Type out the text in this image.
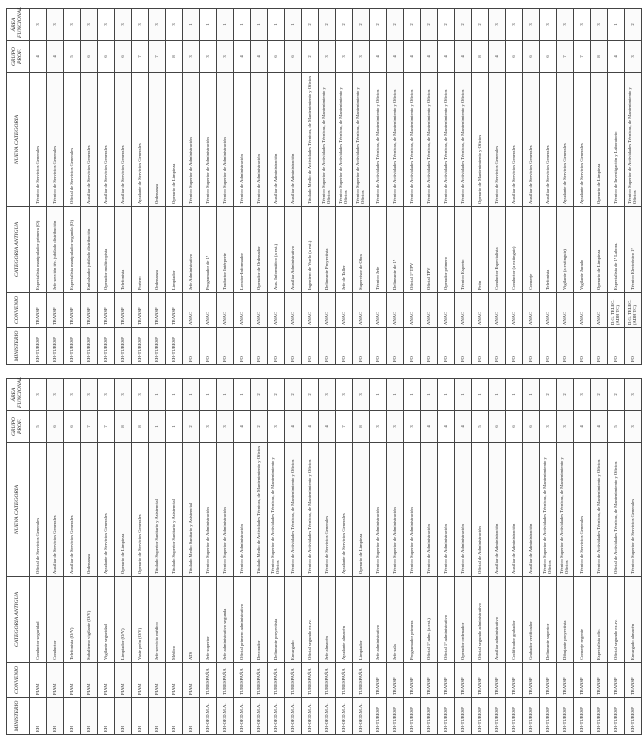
MINISTERIO	CONVENIO	CATEGORIA ANTIGUA	NUEVA CATEGORIA	GRUPO PROF.	ÁREA FUNCIONAL
EH	PIAM	Conductor seguridad	Oficial de Servicios Generales	5	3
EH	PIAM	Conductor	Auxiliar de Servicios Generales	6	3
EH	PIAM	Telefonista (O/V)	Auxiliar de Servicios Generales	6	3
EH	PIAM	Subalterno vigilante (O/V)	Ordenanza	7	3
EH	PIAM	Vigilante seguridad	Ayudante de Servicios Generales	7	3
EH	PIAM	Limpiador (O/V)	Operario de Limpieza	8	3
EH	PIAM	Vaste peón (O/V)	Operario de Servicios Generales	8	3
EH	PIAM	Jefe servicio médico	Titulado Superior Sanitario y Asistencial	1	1
EH	PIAM	Médico	Titulado Superior Sanitario y Asistencial	1	1
EH	PIAM	ATS	Titulado Medio Sanitario y Asistencial	2	1
EH-OF.D.M.A.	TURESPAÑA	Jefe superior	Técnico Superior de Administración	3	1
EH-OF.D.M.A.	TURESPAÑA	Jefe administrativo segunda	Técnico Superior de Administración	3	1
EH-OF.D.M.A.	TURESPAÑA	Oficial primero administrativo	Técnico de Administración	4	1
EH-OF.D.M.A.	TURESPAÑA	Decorador	Titulado Medio de Actividades Técnicas, de Mantenimiento y Oficios	2	2
EH-OF.D.M.A.	TURESPAÑA	Delineante proyectista	Técnico Superior de Actividades Técnicas, de Mantenimiento y Oficios	3	2
EH-OF.D.M.A.	TURESPAÑA	Encargado	Técnico de Actividades Técnicas, de Mantenimiento y Oficios	4	2
EH-OF.D.M.A.	TURESPAÑA	Oficial segundo ex.rv.	Técnico de Actividades Técnicas, de Mantenimiento y Oficios	4	2
EH-OF.D.M.A.	TURESPAÑA	Jefe almacén	Técnico de Servicios Generales	4	3
EH-OF.D.M.A.	TURESPAÑA	Ayudante almacén	Ayudante de Servicios Generales	7	3
EH-OF.D.M.A.	TURESPAÑA	Limpiador	Operario de Limpieza	8	3
EH-TURESP	TRANSP	Jefe administrativo	Técnico Superior de Administración	3	1
EH-TURESP	TRANSP	Jefe sala	Técnico Superior de Administración	3	1
EH-TURESP	TRANSP	Programador primera	Técnico Superior de Administración	3	1
EH-TURESP	TRANSP	Oficial 1ª adm. (a ext.)	Técnico de Administración	4	1
EH-TURESP	TRANSP	Oficial 1ª administrativo	Técnico de Administración	4	1
EH-TURESP	TRANSP	Operador ordenador	Técnico de Administración	4	1
EH-TURESP	TRANSP	Oficial segundo administrativo	Oficial de Administración	5	1
EH-TURESP	TRANSP	Auxiliar administrativo	Auxiliar de Administración	6	1
EH-TURESP	TRANSP	Codificador grabador	Auxiliar de Administración	6	1
EH-TURESP	TRANSP	Grabador verificador	Auxiliar de Administración	6	1
EH-TURESP	TRANSP	Delineante superior	Técnico Superior de Actividades Técnicas, de Mantenimiento y Oficios	3	2
EH-TURESP	TRANSP	Dibujante proyectista	Técnico Superior de Actividades Técnicas, de Mantenimiento y Oficios	3	2
EH-TURESP	TRANSP	Conserje regente	Técnico de Servicios Generales	4	3
EH-TURESP	TRANSP	Especialista ofic.	Técnico de Actividades Técnicas, de Mantenimiento y Oficios	4	2
EH-TURESP	TRANSP	Oficial segundo ex.rv.	Oficial de Actividades Técnicas, de Mantenimiento y Oficios	5	2
EH-TURESP	TRANSP	Encargado almacén	Técnico Superior de Servicios Generales	3	3
MINISTERIO	CONVENIO	CATEGORIA ANTIGUA	NUEVA CATEGORIA	GRUPO PROF.	ÁREA FUNCIONAL
EH-TURESP	TRANSP	Especialista manipulador primera (O)	Técnico de Servicios Generales	4	3
EH-TURESP	TRANSP	Jefe sección téc. jubilado distribución	Técnico de Servicios Generales	4	3
EH-TURESP	TRANSP	Especialista manipulador segunda (O)	Oficial de Servicios Generales	5	3
EH-TURESP	TRANSP	Embalsador jubilado distribución	Auxiliar de Servicios Generales	6	3
EH-TURESP	TRANSP	Operador multicopista	Auxiliar de Servicios Generales	6	3
EH-TURESP	TRANSP	Telefonista	Auxiliar de Servicios Generales	6	3
EH-TURESP	TRANSP	Portero	Ayudante de Servicios Generales	7	3
EH-TURESP	TRANSP	Ordenanza	Ordenanza	7	3
EH-TURESP	TRANSP	Limpiador	Operario de Limpieza	8	3
FO	ANAC	Jefe Administrativo	Técnico Superior de Administración	3	1
FO	ANAC	Programador de 1ª	Técnico Superior de Administración	3	1
FO	ANAC	Traductor Intérprete	Técnico Superior de Administración	3	1
FO	ANAC	Locutor-Informador	Técnico de Administración	4	1
FO	ANAC	Operador de Ordenador	Técnico de Administración	4	1
FO	ANAC	Aux. Informático (a ext.)	Auxiliar de Administración	6	1
FO	ANAC	Auxiliar Administrativo	Auxiliar de Administración	6	1
FO	ANAC	Ingeniero de Vuelo (a ext.)	Titulado Medio de Actividades Técnicas, de Mantenimiento y Oficios	2	2
FO	ANAC	Delineante Proyectista	Técnico Superior de Actividades Técnicas, de Mantenimiento y Oficios	3	2
FO	ANAC	Jefe de Taller	Técnico Superior de Actividades Técnicas, de Mantenimiento y Oficios	3	2
FO	ANAC	Supervisor de Obra	Técnico Superior de Actividades Técnicas, de Mantenimiento y Oficios	3	2
FO	ANAC	Técnico Jefe	Técnico de Actividades Técnicas, de Mantenimiento y Oficios	4	2
FO	ANAC	Delineante de 1ª	Técnico de Actividades Técnicas, de Mantenimiento y Oficios	4	2
FO	ANAC	Oficial 1ª TPV	Técnico de Actividades Técnicas, de Mantenimiento y Oficios	4	2
FO	ANAC	Oficial TPV	Técnico de Actividades Técnicas, de Mantenimiento y Oficios	4	2
FO	ANAC	Operador primero	Técnico de Actividades Técnicas, de Mantenimiento y Oficios	4	2
FO	ANAC	Técnico Experto	Técnico de Actividades Técnicas, de Mantenimiento y Oficios	4	2
FO	ANAC	Peón	Operario de Mantenimiento y Oficios	8	2
FO	ANAC	Conductor Especialista	Técnico de Servicios Generales	4	3
FO	ANAC	Conductor (a extinguir)	Auxiliar de Servicios Generales	6	3
FO	ANAC	Conserje	Auxiliar de Servicios Generales	6	3
FO	ANAC	Telefonista	Auxiliar de Servicios Generales	6	3
FO	ANAC	Vigilante (a extinguir)	Ayudante de Servicios Generales	7	3
FO	ANAC	Vigilante Jurado	Ayudante de Servicios Generales	7	3
FO	ANAC	Operario de Limpieza	Operario de Limpieza	8	3
FO	D.G. TELEC. (ADH TC)	Especialista de 1ª Labora.	Técnico de Investigación y Laboratorio	4	1
FO	D.G. TELEC. (ADH TC)	Técnico Electrónico 1ª	Técnico Superior de Actividades Técnicas, de Mantenimiento y Oficios	3	2
